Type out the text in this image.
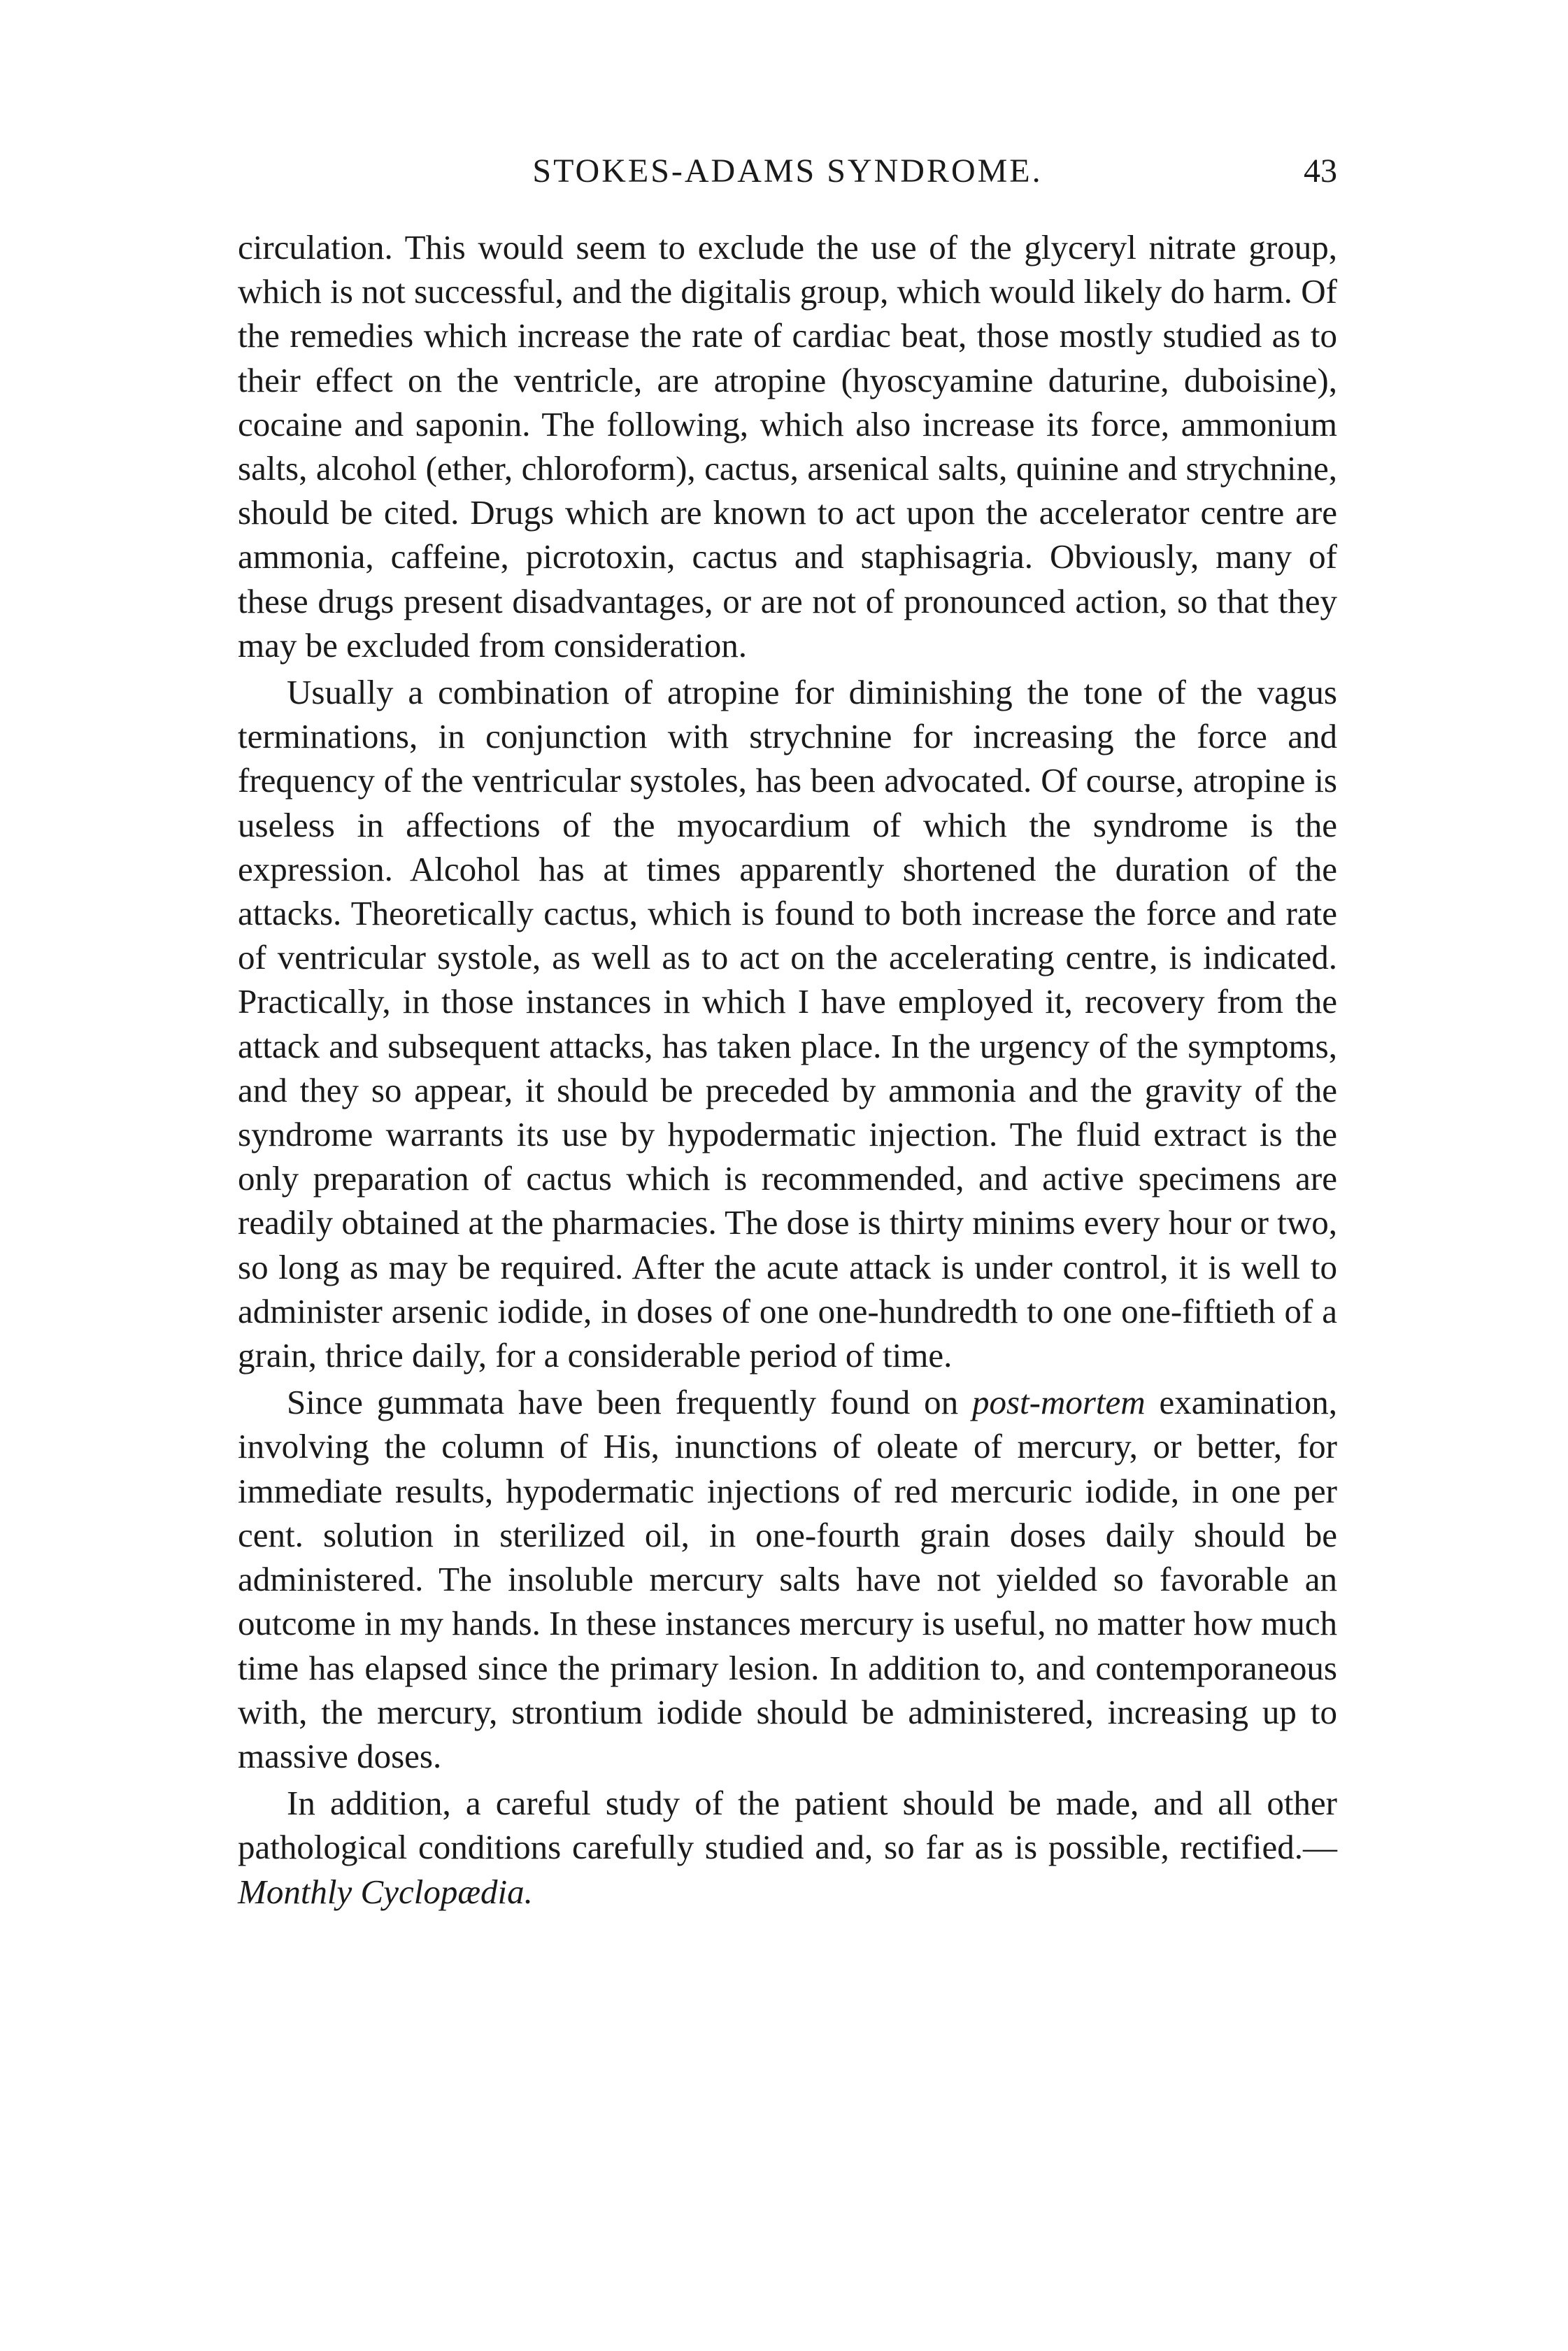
STOKES-ADAMS SYNDROME.	43

circulation. This would seem to exclude the use of the glyceryl nitrate group, which is not successful, and the digitalis group, which would likely do harm. Of the remedies which increase the rate of cardiac beat, those mostly studied as to their effect on the ventricle, are atropine (hyoscyamine daturine, duboisine), cocaine and saponin. The following, which also increase its force, ammonium salts, alcohol (ether, chloroform), cactus, arsenical salts, quinine and strychnine, should be cited. Drugs which are known to act upon the accelerator centre are ammonia, caffeine, picrotoxin, cactus and staphisagria. Obviously, many of these drugs present disadvantages, or are not of pronounced action, so that they may be excluded from consideration.

Usually a combination of atropine for diminishing the tone of the vagus terminations, in conjunction with strychnine for increasing the force and frequency of the ventricular systoles, has been advocated. Of course, atropine is useless in affections of the myocardium of which the syndrome is the expression. Alcohol has at times apparently shortened the duration of the attacks. Theoretically cactus, which is found to both increase the force and rate of ventricular systole, as well as to act on the accelerating centre, is indicated. Practically, in those instances in which I have employed it, recovery from the attack and subsequent attacks, has taken place. In the urgency of the symptoms, and they so appear, it should be preceded by ammonia and the gravity of the syndrome warrants its use by hypodermatic injection. The fluid extract is the only preparation of cactus which is recommended, and active specimens are readily obtained at the pharmacies. The dose is thirty minims every hour or two, so long as may be required. After the acute attack is under control, it is well to administer arsenic iodide, in doses of one one-hundredth to one one-fiftieth of a grain, thrice daily, for a considerable period of time.

Since gummata have been frequently found on post-mortem examination, involving the column of His, inunctions of oleate of mercury, or better, for immediate results, hypodermatic injections of red mercuric iodide, in one per cent. solution in sterilized oil, in one-fourth grain doses daily should be administered. The insoluble mercury salts have not yielded so favorable an outcome in my hands. In these instances mercury is useful, no matter how much time has elapsed since the primary lesion. In addition to, and contemporaneous with, the mercury, strontium iodide should be administered, increasing up to massive doses.

In addition, a careful study of the patient should be made, and all other pathological conditions carefully studied and, so far as is possible, rectified.—Monthly Cyclopædia.
